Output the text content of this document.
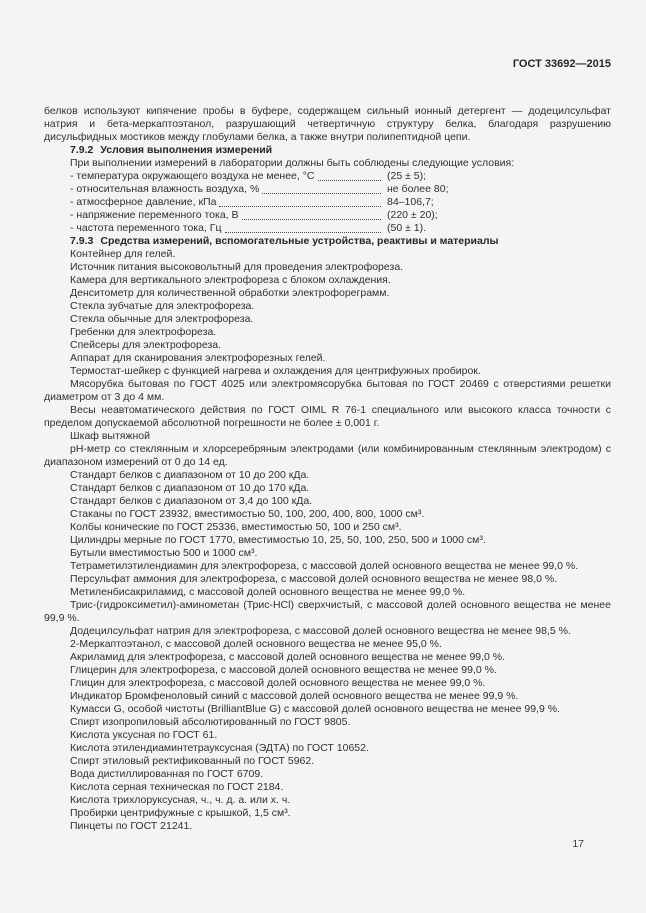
ГОСТ 33692—2015

белков используют кипячение пробы в буфере, содержащем сильный ионный детергент — додецилсульфат натрия и бета-меркаптоэтанол, разрушающий четвертичную структуру белка, благодаря разрушению дисульфидных мостиков между глобулами белка, а также внутри полипептидной цепи.

7.9.2 Условия выполнения измерений

При выполнении измерений в лаборатории должны быть соблюдены следующие условия:

- температура окружающего воздуха не менее, °С	(25 ± 5);
- относительная влажность воздуха, %	не более 80;
- атмосферное давление, кПа	84–106,7;
- напряжение переменного тока, В	(220 ± 20);
- частота переменного тока, Гц	(50 ± 1).

7.9.3 Средства измерений, вспомогательные устройства, реактивы и материалы

Контейнер для гелей.

Источник питания высоковольтный для проведения электрофореза.

Камера для вертикального электрофореза с блоком охлаждения.

Денситометр для количественной обработки электрофореграмм.

Стекла зубчатые для электрофореза.

Стекла обычные для электрофореза.

Гребенки для электрофореза.

Спейсеры для электрофореза.

Аппарат для сканирования электрофорезных гелей.

Термостат-шейкер с функцией нагрева и охлаждения для центрифужных пробирок.

Мясорубка бытовая по ГОСТ 4025 или электромясорубка бытовая по ГОСТ 20469 с отверстиями решетки диаметром от 3 до 4 мм.

Весы неавтоматического действия по ГОСТ OIML R 76-1 специального или высокого класса точности с пределом допускаемой абсолютной погрешности не более ± 0,001 г.

Шкаф вытяжной

pH-метр со стеклянным и хлорсеребряным электродами (или комбинированным стеклянным электродом) с диапазоном измерений от 0 до 14 ед.

Стандарт белков с диапазоном от 10 до 200 кДа.

Стандарт белков с диапазоном от 10 до 170 кДа.

Стандарт белков с диапазоном от 3,4 до 100 кДа.

Стаканы по ГОСТ 23932, вместимостью 50, 100, 200, 400, 800, 1000 см³.

Колбы конические по ГОСТ 25336, вместимостью 50, 100 и 250 см³.

Цилиндры мерные по ГОСТ 1770, вместимостью 10, 25, 50, 100, 250, 500 и 1000 см³.

Бутыли вместимостью 500 и 1000 см³.

Тетраметилэтилендиамин для электрофореза, с массовой долей основного вещества не менее 99,0 %.

Персульфат аммония для электрофореза, с массовой долей основного вещества не менее 98,0 %.

Метиленбисакриламид, с массовой долей основного вещества не менее 99,0 %.

Трис-(гидроксиметил)-аминометан (Трис-HCl) сверхчистый, с массовой долей основного вещества не менее 99,9 %.

Додецилсульфат натрия для электрофореза, с массовой долей основного вещества не менее 98,5 %.

2-Меркаптоэтанол, с массовой долей основного вещества не менее 95,0 %.

Акриламид для электрофореза, с массовой долей основного вещества не менее 99,0 %.

Глицерин для электрофореза, с массовой долей основного вещества не менее 99,0 %.

Глицин для электрофореза, с массовой долей основного вещества не менее 99,0 %.

Индикатор Бромфеноловый синий с массовой долей основного вещества не менее 99,9 %.

Кумасси G, особой чистоты (BrilliantBlue G) с массовой долей основного вещества не менее 99,9 %.

Спирт изопропиловый абсолютированный по ГОСТ 9805.

Кислота уксусная по ГОСТ 61.

Кислота этилендиаминтетрауксусная (ЭДТА) по ГОСТ 10652.

Спирт этиловый ректификованный по ГОСТ 5962.

Вода дистиллированная по ГОСТ 6709.

Кислота серная техническая по ГОСТ 2184.

Кислота трихлоруксусная, ч., ч. д. а. или х. ч.

Пробирки центрифужные с крышкой, 1,5 см³.

Пинцеты по ГОСТ 21241.

17
